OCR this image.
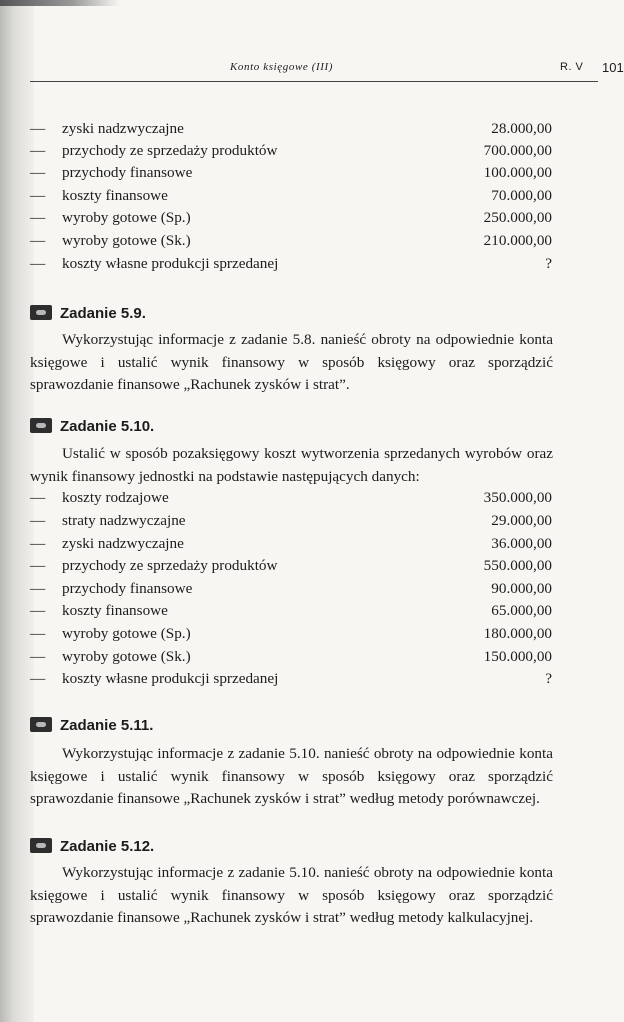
Konto księgowe (III)	R. V 101
— zyski nadzwyczajne	28.000,00
— przychody ze sprzedaży produktów	700.000,00
— przychody finansowe	100.000,00
— koszty finansowe	70.000,00
— wyroby gotowe (Sp.)	250.000,00
— wyroby gotowe (Sk.)	210.000,00
— koszty własne produkcji sprzedanej	?
Zadanie 5.9.

Wykorzystując informacje z zadanie 5.8. nanieść obroty na odpowiednie konta księgowe i ustalić wynik finansowy w sposób księgowy oraz sporządzić sprawozdanie finansowe „Rachunek zysków i strat”.

Zadanie 5.10.

Ustalić w sposób pozaksięgowy koszt wytworzenia sprzedanych wyrobów oraz wynik finansowy jednostki na podstawie następujących danych:

— koszty rodzajowe	350.000,00
— straty nadzwyczajne	29.000,00
— zyski nadzwyczajne	36.000,00
— przychody ze sprzedaży produktów	550.000,00
— przychody finansowe	90.000,00
— koszty finansowe	65.000,00
— wyroby gotowe (Sp.)	180.000,00
— wyroby gotowe (Sk.)	150.000,00
— koszty własne produkcji sprzedanej	?
Zadanie 5.11.

Wykorzystując informacje z zadanie 5.10. nanieść obroty na odpowiednie konta księgowe i ustalić wynik finansowy w sposób księgowy oraz sporządzić sprawozdanie finansowe „Rachunek zysków i strat” według metody porównawczej.

Zadanie 5.12.

Wykorzystując informacje z zadanie 5.10. nanieść obroty na odpowiednie konta księgowe i ustalić wynik finansowy w sposób księgowy oraz sporządzić sprawozdanie finansowe „Rachunek zysków i strat” według metody kalkulacyjnej.
